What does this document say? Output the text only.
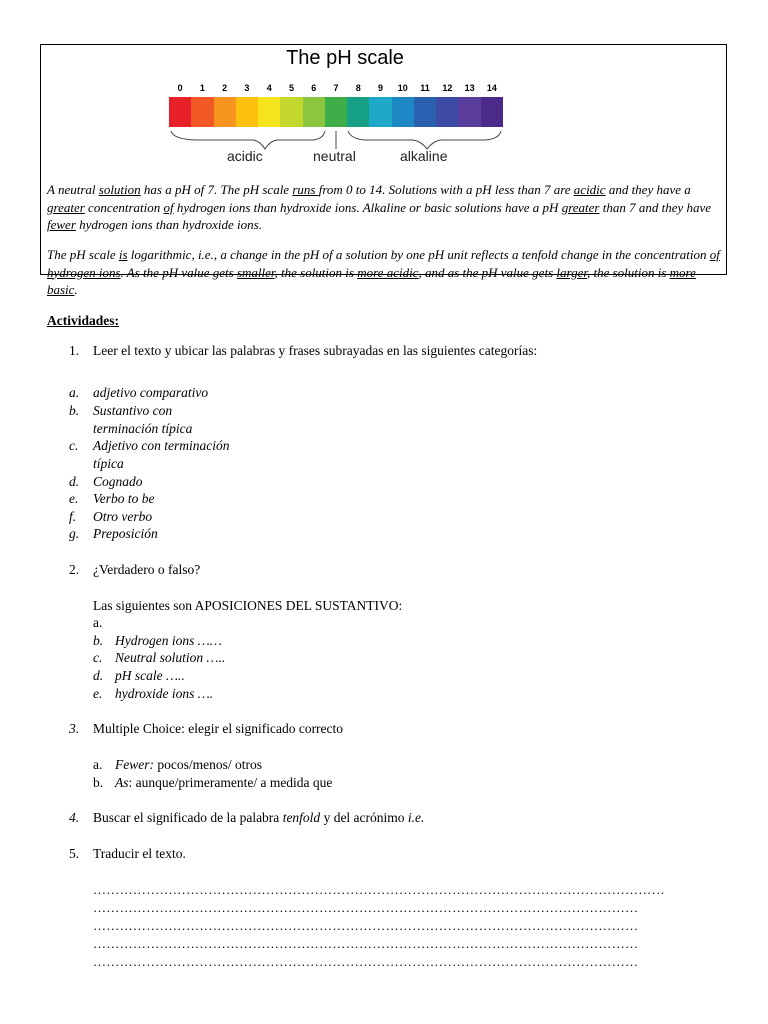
The pH scale
0	1	2	3	4	5	6	7	8	9	10	11	12	13	14
acidic	neutral	alkaline

A neutral solution has a pH of 7. The pH scale runs from 0 to 14. Solutions with a pH less than 7 are acidic and they have a greater concentration of hydrogen ions than hydroxide ions. Alkaline or basic solutions have a pH greater than 7 and they have fewer hydrogen ions than hydroxide ions.

The pH scale is logarithmic, i.e., a change in the pH of a solution by one pH unit reflects a tenfold change in the concentration of hydrogen ions. As the pH value gets smaller, the solution is more acidic, and as the pH value gets larger, the solution is more basic.

Actividades:
1. Leer el texto y ubicar las palabras y frases subrayadas en las siguientes categorías:
a. adjetivo comparativo
b. Sustantivo con
terminación típica
c. Adjetivo con terminación
típica
d. Cognado
e. Verbo to be
f. Otro verbo
g. Preposición
2. ¿Verdadero o falso?
Las siguientes son APOSICIONES DEL SUSTANTIVO:
a.
b. Hydrogen ions ……
c. Neutral solution …..
d. pH scale …..
e. hydroxide ions ….
3. Multiple Choice: elegir el significado correcto
a. Fewer: pocos/menos/ otros
b. As: aunque/primeramente/ a medida que
4. Buscar el significado de la palabra tenfold y del acrónimo i.e.
5. Traducir el texto.
…………………………………………………………………………………………………………………
……………………………………………………………………………………………………………
……………………………………………………………………………………………………………
……………………………………………………………………………………………………………
……………………………………………………………………………………………………………
